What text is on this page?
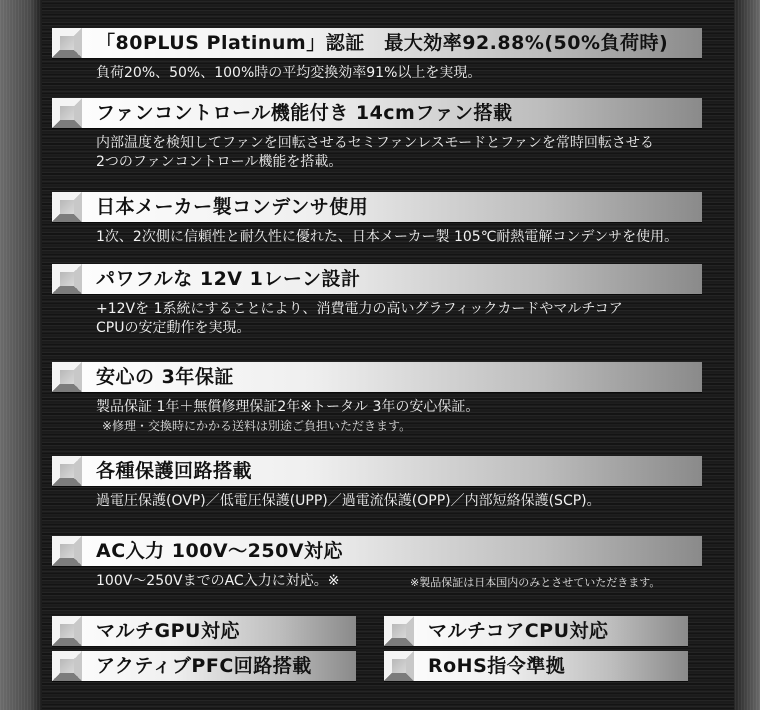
「80PLUS Platinum」認証　最大効率92.88%(50%負荷時)
負荷20%、50%、100%時の平均変換効率91%以上を実現。
ファンコントロール機能付き 14cmファン搭載
内部温度を検知してファンを回転させるセミファンレスモードとファンを常時回転させる
2つのファンコントロール機能を搭載。
日本メーカー製コンデンサ使用
1次、2次側に信頼性と耐久性に優れた、日本メーカー製 105℃耐熱電解コンデンサを使用。
パワフルな 12V 1レーン設計
+12Vを 1系統にすることにより、消費電力の高いグラフィックカードやマルチコア
CPUの安定動作を実現。
安心の 3年保証
製品保証 1年＋無償修理保証2年※トータル 3年の安心保証。
※修理・交換時にかかる送料は別途ご負担いただきます。
各種保護回路搭載
過電圧保護(OVP)／低電圧保護(UPP)／過電流保護(OPP)／内部短絡保護(SCP)。
AC入力 100V〜250V対応
100V〜250VまでのAC入力に対応。※	※製品保証は日本国内のみとさせていただきます。
マルチGPU対応	マルチコアCPU対応
アクティブPFC回路搭載	RoHS指令準拠
